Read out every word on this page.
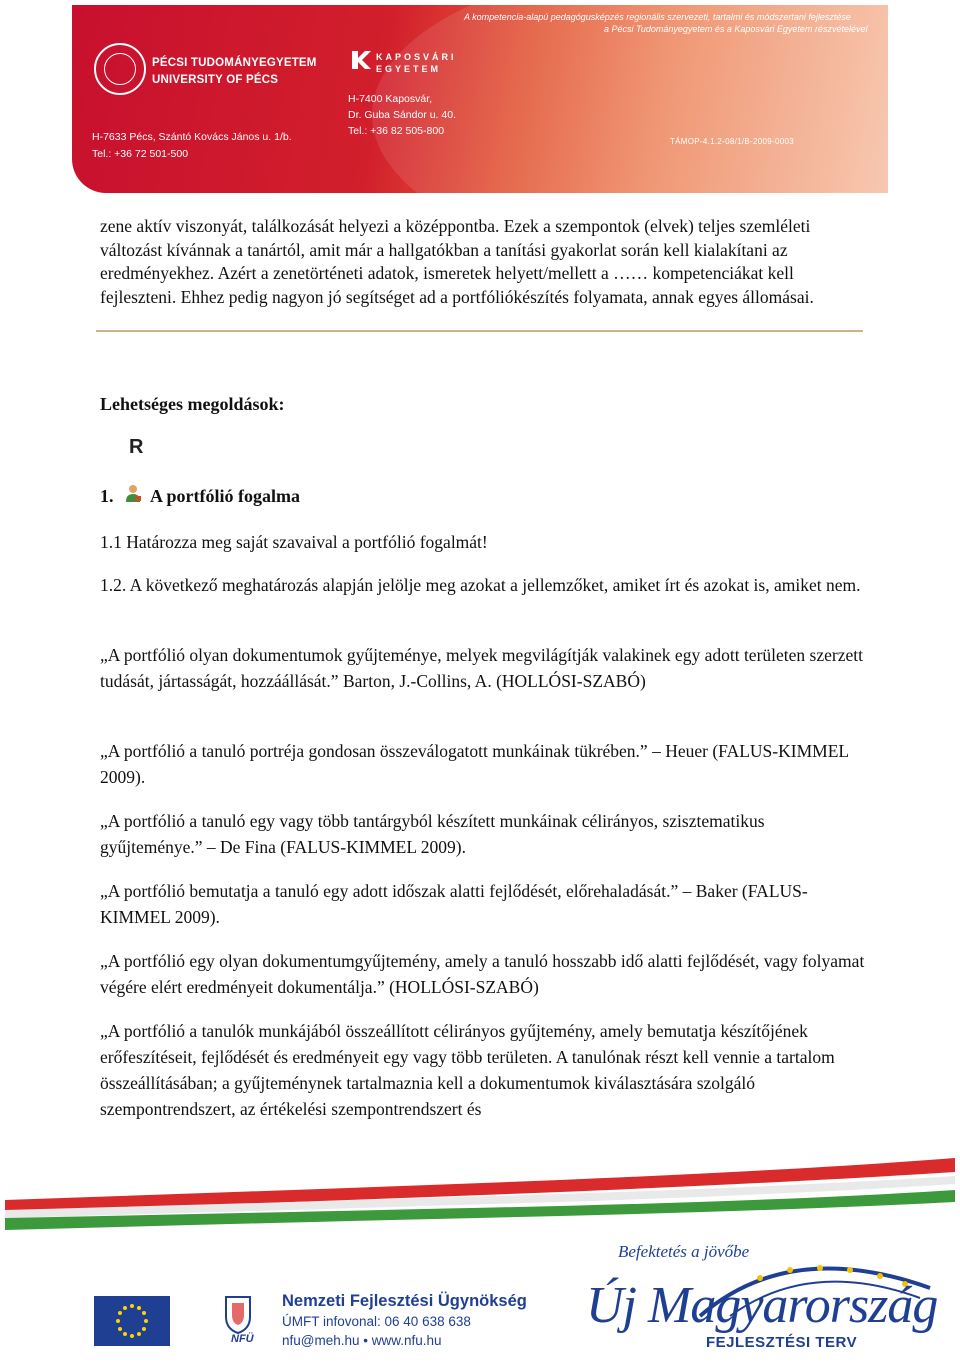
A kompetencia-alapú pedagógusképzés regionális szervezeti, tartalmi és módszertani fejlesztése
a Pécsi Tudományegyetem és a Kaposvári Egyetem részvételével
PÉCSI TUDOMÁNYEGYETEM
UNIVERSITY OF PÉCS
KAPOSVÁRI
EGYETEM
H-7400 Kaposvár,
Dr. Guba Sándor u. 40.
Tel.: +36 82 505-800
H-7633 Pécs, Szántó Kovács János u. 1/b.
Tel.: +36 72 501-500
TÁMOP-4.1.2-08/1/B-2009-0003

zene aktív viszonyát, találkozását helyezi a középpontba. Ezek a szempontok (elvek) teljes szemléleti változást kívánnak a tanártól, amit már a hallgatókban a tanítási gyakorlat során kell kialakítani az eredményekhez. Azért a zenetörténeti adatok, ismeretek helyett/mellett a …… kompetenciákat kell fejleszteni. Ehhez pedig nagyon jó segítséget ad a portfóliókészítés folyamata, annak egyes állomásai.

Lehetséges megoldások:
R
1. A portfólió fogalma

1.1 Határozza meg saját szavaival a portfólió fogalmát!

1.2. A következő meghatározás alapján jelölje meg azokat a jellemzőket, amiket írt és azokat is, amiket nem.

„A portfólió olyan dokumentumok gyűjteménye, melyek megvilágítják valakinek egy adott területen szerzett tudását, jártasságát, hozzáállását.” Barton, J.-Collins, A. (HOLLÓSI-SZABÓ)

„A portfólió a tanuló portréja gondosan összeválogatott munkáinak tükrében.” – Heuer (FALUS-KIMMEL 2009).

„A portfólió a tanuló egy vagy több tantárgyból készített munkáinak célirányos, szisztematikus gyűjteménye.” – De Fina (FALUS-KIMMEL 2009).

„A portfólió bemutatja a tanuló egy adott időszak alatti fejlődését, előrehaladását.” – Baker (FALUS-KIMMEL 2009).

„A portfólió egy olyan dokumentumgyűjtemény, amely a tanuló hosszabb idő alatti fejlődését, vagy folyamat végére elért eredményeit dokumentálja.” (HOLLÓSI-SZABÓ)

„A portfólió a tanulók munkájából összeállított célirányos gyűjtemény, amely bemutatja készítőjének erőfeszítéseit, fejlődését és eredményeit egy vagy több területen. A tanulónak részt kell vennie a tartalom összeállításában; a gyűjteménynek tartalmaznia kell a dokumentumok kiválasztására szolgáló szempontrendszert, az értékelési szempontrendszert és

NFÜ
Nemzeti Fejlesztési Ügynökség
ÚMFT infovonal: 06 40 638 638
nfu@meh.hu • www.nfu.hu
Befektetés a jövőbe
Új Magyarország
FEJLESZTÉSI TERV
